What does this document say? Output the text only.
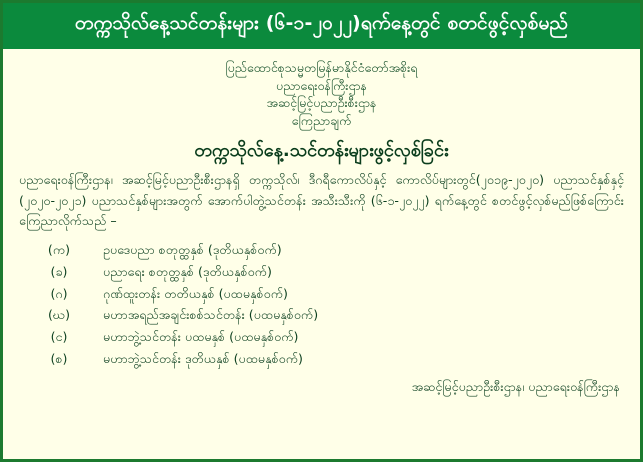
တက္ကသိုလ်နေ့သင်တန်းများ (၆-၁-၂၀၂၂)ရက်နေ့တွင် စတင်ဖွင့်လှစ်မည်
ပြည်ထောင်စုသမ္မတမြန်မာနိုင်ငံတော်အစိုးရ
ပညာရေးဝန်ကြီးဌာန
အဆင့်မြင့်ပညာဦးစီးဌာန
ကြေညာချက်
တက္ကသိုလ်နေ့.သင်တန်းများဖွင့်လှစ်ခြင်း

ပညာရေးဝန်ကြီးဌာန၊ အဆင့်မြင့်ပညာဦးစီးဌာနရှိ တက္ကသိုလ်၊ ဒီဂရီကောလိပ်နှင့် ကောလိပ်များတွင်(၂၀၁၉-၂၀၂၀) ပညာသင်နှစ်နှင့် (၂၀၂၀-၂၀၂၁) ပညာသင်နှစ်များအတွက် အောက်ပါတွဲ့သင်တန်း အသီးသီးကို (၆-၁-၂၀၂၂) ရက်နေ့တွင် စတင်ဖွင့်လှစ်မည်ဖြစ်ကြောင်း ကြေညာလိုက်သည် –

(က)	ဥပဒေပညာ စတုတ္ထနှစ် (ဒုတိယနှစ်ဝက်)
(ခ)	ပညာရေး စတုတ္ထနှစ် (ဒုတိယနှစ်ဝက်)
(ဂ)	ဂုဏ်ထူးတန်း တတိယနှစ် (ပထမနှစ်ဝက်)
(ဃ)	မဟာအရည်အချင်းစစ်သင်တန်း (ပထမနှစ်ဝက်)
(င)	မဟာဘွဲ့သင်တန်း ပထမနှစ် (ပထမနှစ်ဝက်)
(စ)	မဟာဘွဲ့သင်တန်း ဒုတိယနှစ် (ပထမနှစ်ဝက်)
အဆင့်မြင့်ပညာဦးစီးဌာန၊ ပညာရေးဝန်ကြီးဌာန
